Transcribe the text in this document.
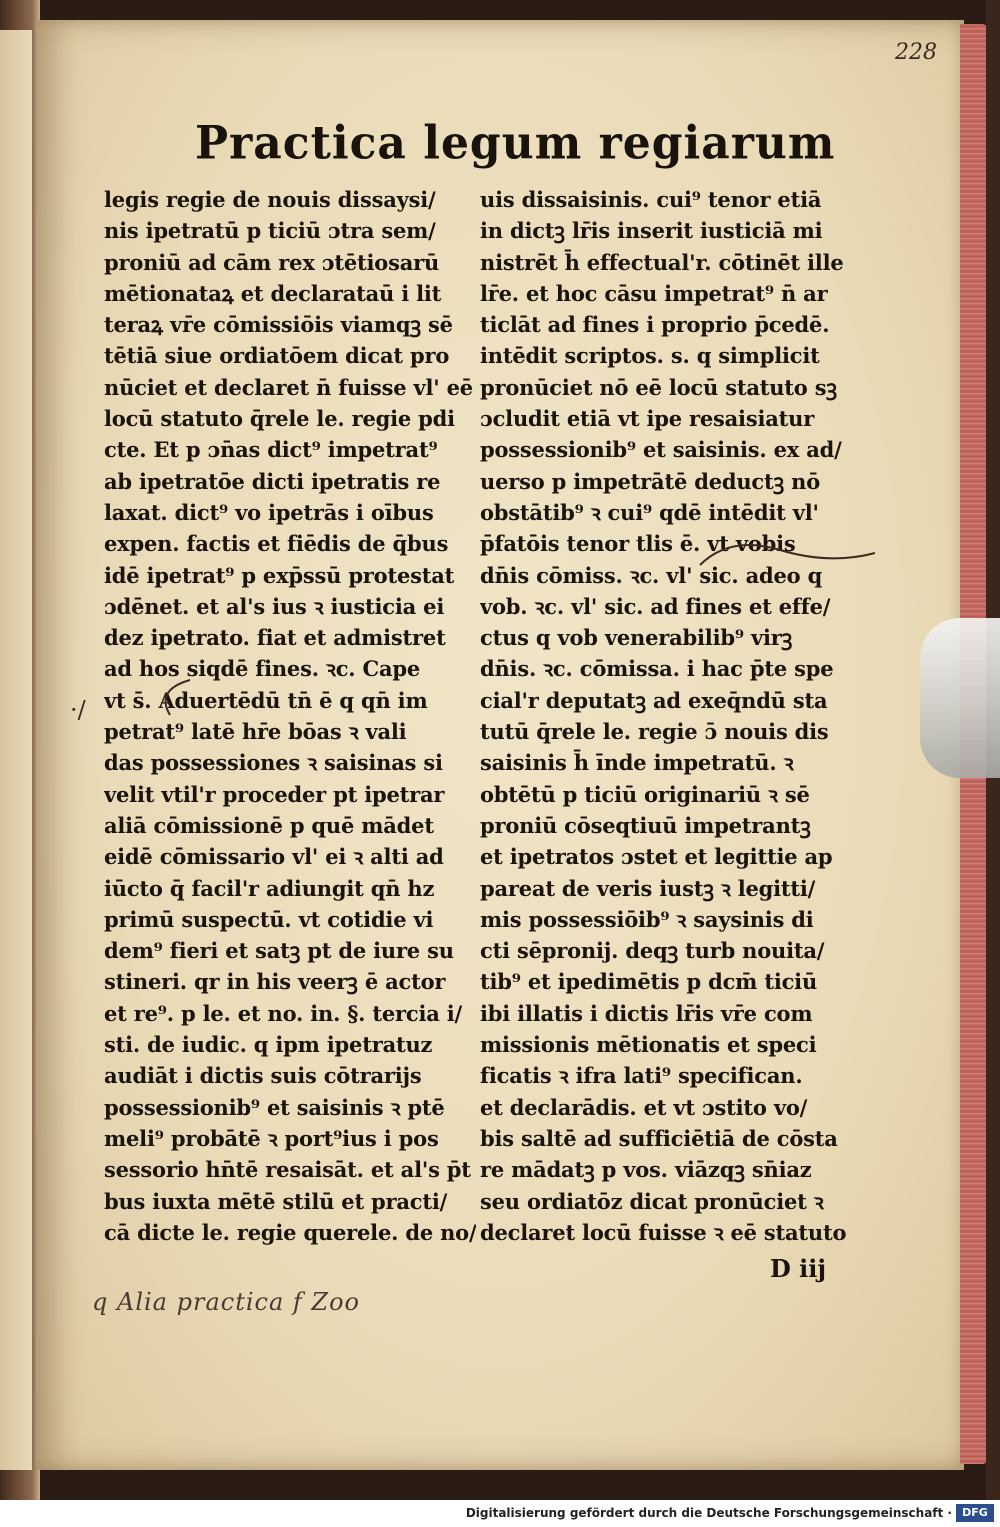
228
Practica legum regiarum
legis regie de nouis dissaysi/
nis ipetratū p ticiū ɔtra sem/
proniū ad cām rex ɔtētiosarū
mētionataꝝ et declarataū i lit
teraꝝ vr̄e cōmissiōis viamqꝫ sē
tētiā siue ordiatōem dicat pro
nūciet et declaret n̄ fuisse vl' eē
locū statuto q̄rele le. regie pdi
cte. Et p ɔn̄as dict⁹ impetrat⁹
ab ipetratōe dicti ipetratis re
laxat. dict⁹ vo ipetrās i oībus
expen. factis et fiēdis de q̄bus
idē ipetrat⁹ p exp̄ssū protestat
ɔdēnet. et al's ius ꝛ iusticia ei
dez ipetrato. fiat et admistret
ad hos siqdē fines. ꝛc. Cape
vt s̄. Aduertēdū tn̄ ē q qn̄ im
petrat⁹ latē hr̄e bōas ꝛ vali
das possessiones ꝛ saisinas si
velit vtil'r proceder pt ipetrar
aliā cōmissionē p quē mādet
eidē cōmissario vl' ei ꝛ alti ad
iūcto q̄ facil'r adiungit qn̄ hz
primū suspectū. vt cotidie vi
dem⁹ fieri et satꝫ pt de iure su
stineri. qr in his veerꝫ ē actor
et re⁹. p le. et no. in. §. tercia i/
sti. de iudic. q ipm ipetratuz
audiāt i dictis suis cōtrarijs
possessionib⁹ et saisinis ꝛ ptē
meli⁹ probātē ꝛ port⁹ius i pos
sessorio hn̄tē resaisāt. et al's p̄t
bus iuxta mētē stilū et practi/
cā dicte le. regie querele. de no/
uis dissaisinis. cui⁹ tenor etiā
in dictꝫ lr̄is inserit iusticiā mi
nistrēt h̄ effectual'r. cōtinēt ille
lr̄e. et hoc cāsu impetrat⁹ n̄ ar
ticlāt ad fines i proprio p̄cedē.
intēdit scriptos. s. q simplicit
pronūciet nō eē locū statuto sꝫ
ɔcludit etiā vt ipe resaisiatur
possessionib⁹ et saisinis. ex ad/
uerso p impetrātē deductꝫ nō
obstātib⁹ ꝛ cui⁹ qdē intēdit vl'
p̄fatōis tenor tlis ē. vt vobis
dn̄is cōmiss. ꝛc. vl' sic. adeo q
vob. ꝛc. vl' sic. ad fines et effe/
ctus q vob venerabilib⁹ virꝫ
dn̄is. ꝛc. cōmissa. i hac p̄te spe
cial'r deputatꝫ ad exeq̄ndū sta
tutū q̄rele le. regie ɔ̄ nouis dis
saisinis h̄ īnde impetratū. ꝛ
obtētū p ticiū originariū ꝛ sē
proniū cōseqtiuū impetrantꝫ
et ipetratos ɔstet et legittie ap
pareat de veris iustꝫ ꝛ legitti/
mis possessiōib⁹ ꝛ saysinis di
cti sēpronij. deqꝫ turb nouita/
tib⁹ et ipedimētis p dcm̄ ticiū
ibi illatis i dictis lr̄is vr̄e com
missionis mētionatis et speci
ficatis ꝛ ifra lati⁹ specifican.
et declarādis. et vt ɔstito vo/
bis saltē ad sufficiētiā de cōsta
re mādatꝫ p vos. viāzqꝫ sn̄iaz
seu ordiatōz dicat pronūciet ꝛ
declaret locū fuisse ꝛ eē statuto
·/
D iij
q Alia practica f Zoo
Digitalisierung gefördert durch die Deutsche Forschungsgemeinschaft · DFG
